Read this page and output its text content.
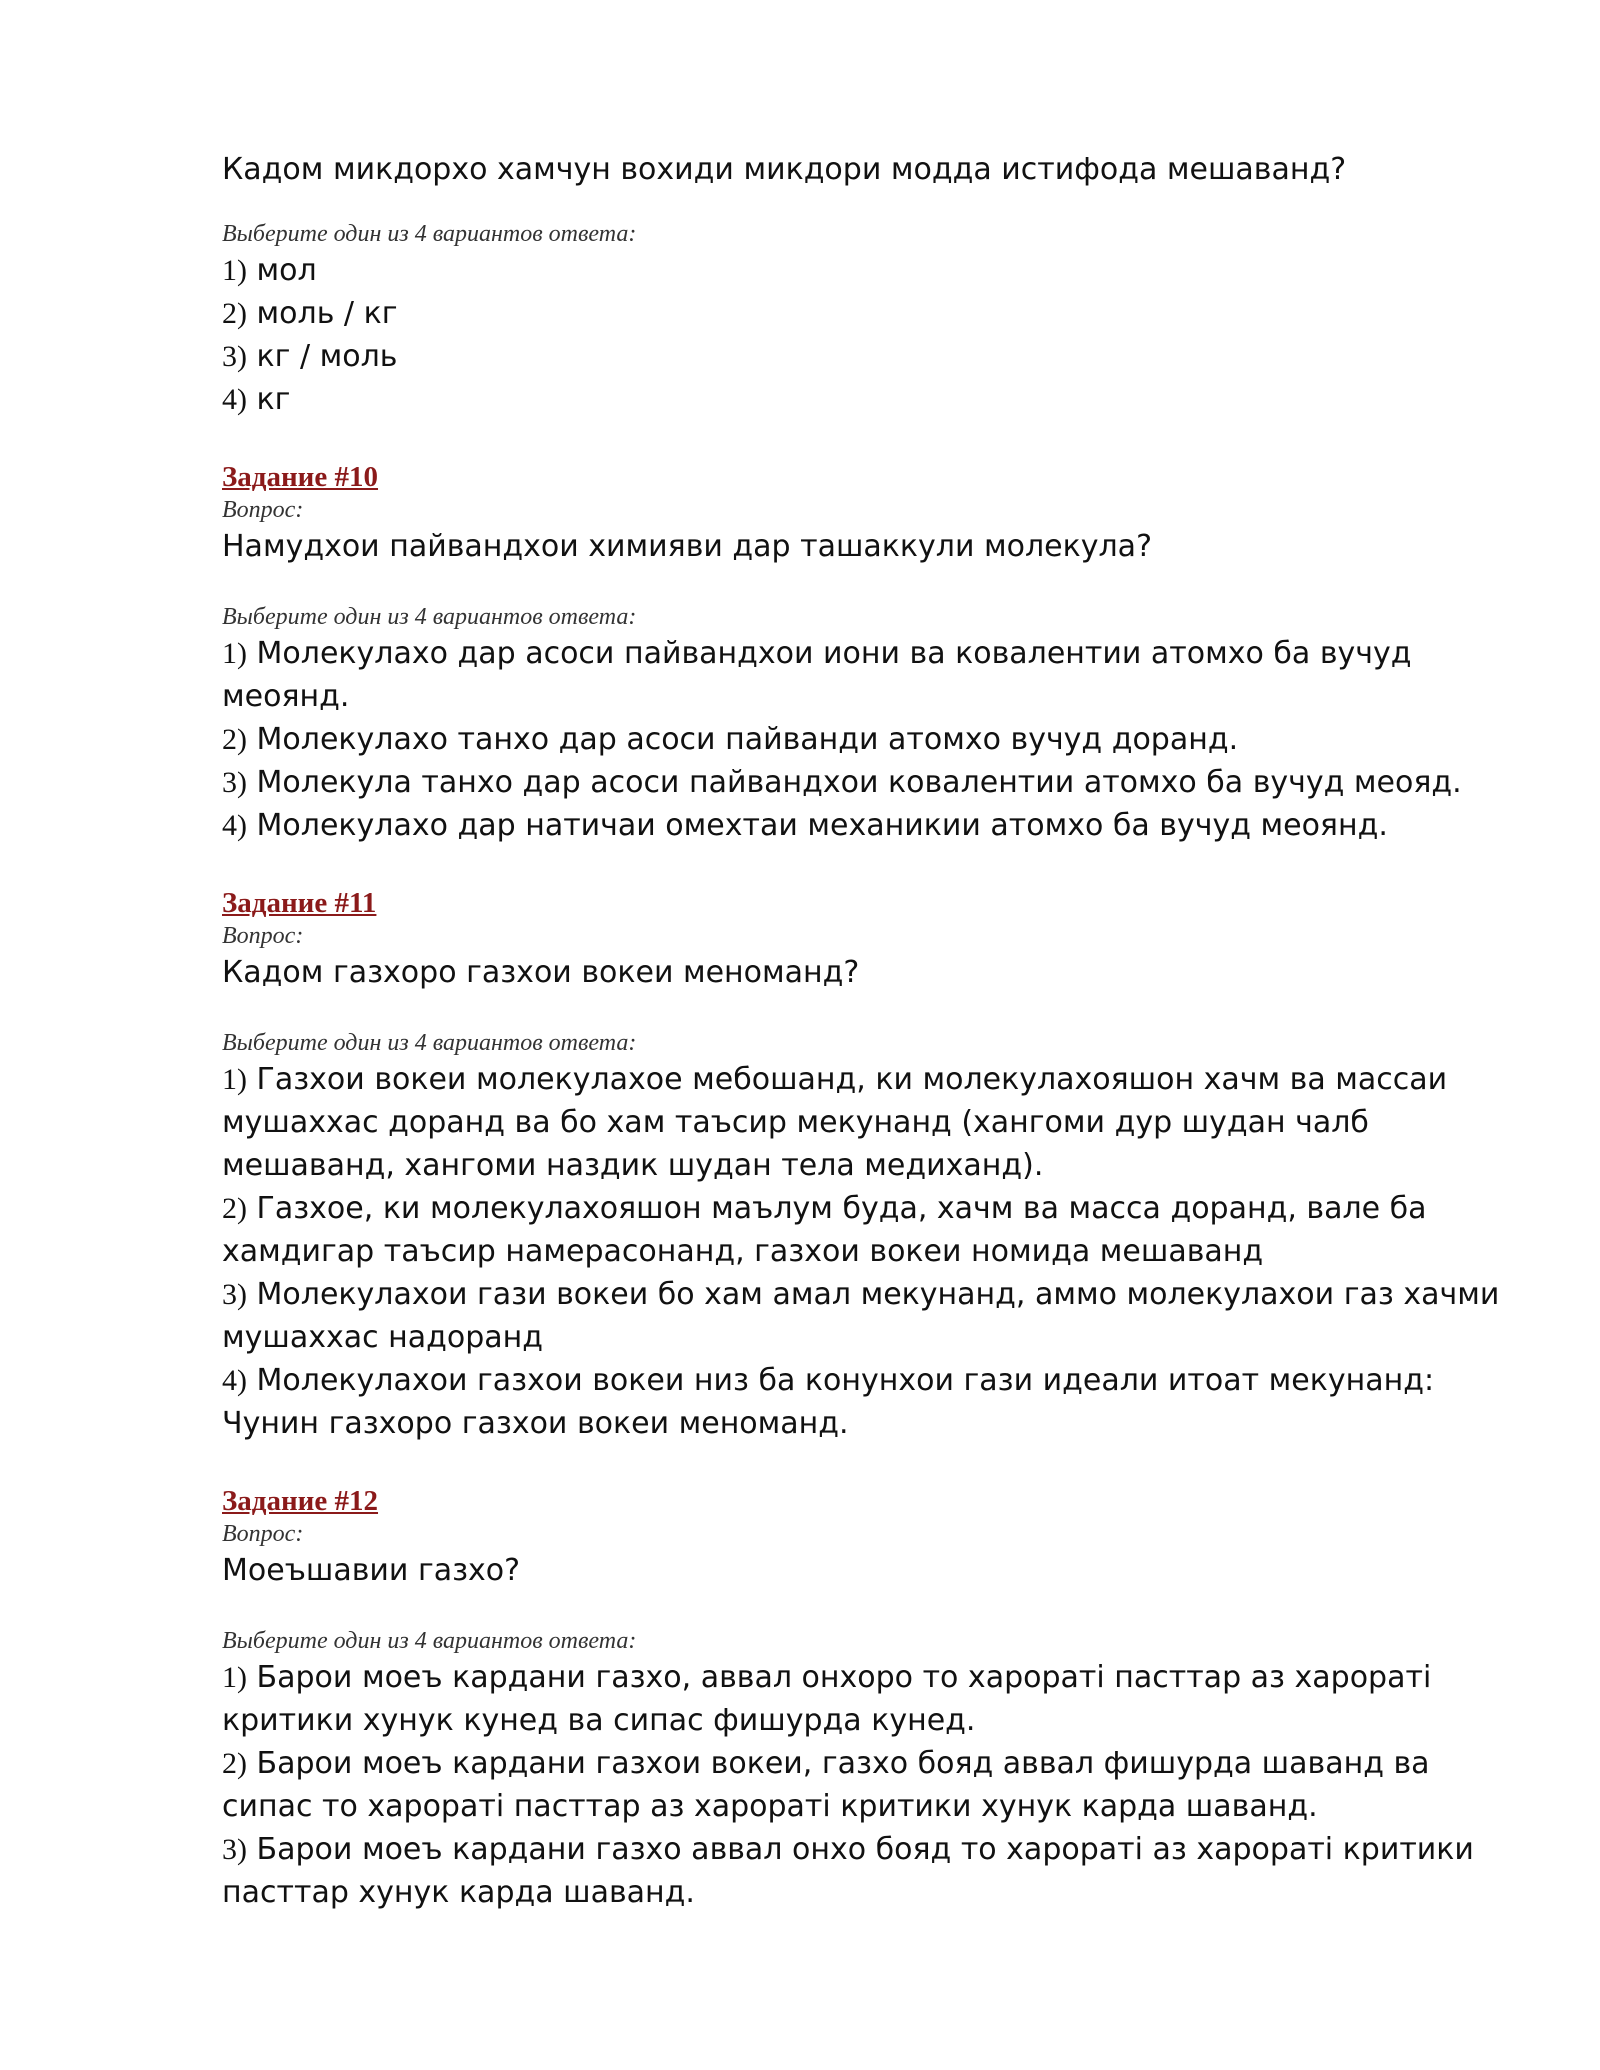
Кадом микдорхо хамчун вохиди микдори модда истифода мешаванд?

Выберите один из 4 вариантов ответа:
1) мол
2) моль / кг
3) кг / моль
4) кг
Задание #10
Вопрос:

Намудхои пайвандхои химияви дар ташаккули молекула?

Выберите один из 4 вариантов ответа:
1) Молекулахо дар асоси пайвандхои иони ва ковалентии атомхо ба вучуд меоянд.
2) Молекулахо танхо дар асоси пайванди атомхо вучуд доранд.
3) Молекула танхо дар асоси пайвандхои ковалентии атомхо ба вучуд меояд.
4) Молекулахо дар натичаи омехтаи механикии атомхо ба вучуд меоянд.
Задание #11
Вопрос:

Кадом газхоро газхои вокеи меноманд?

Выберите один из 4 вариантов ответа:
1) Газхои вокеи молекулахое мебошанд, ки молекулахояшон хачм ва массаи мушаххас доранд ва бо хам таъсир мекунанд (хангоми дур шудан чалб мешаванд, хангоми наздик шудан тела медиханд).
2) Газхое, ки молекулахояшон маълум буда, хачм ва масса доранд, вале ба хамдигар таъсир намерасонанд, газхои вокеи номида мешаванд
3) Молекулахои гази вокеи бо хам амал мекунанд, аммо молекулахои газ хачми мушаххас надоранд
4) Молекулахои газхои вокеи низ ба конунхои гази идеали итоат мекунанд: Чунин газхоро газхои вокеи меноманд.
Задание #12
Вопрос:

Моеъшавии газхо?

Выберите один из 4 вариантов ответа:
1) Барои моеъ кардани газхо, аввал онхоро то хароратi пасттар аз хароратi критики хунук кунед ва сипас фишурда кунед.
2) Барои моеъ кардани газхои вокеи, газхо бояд аввал фишурда шаванд ва сипас то хароратi пасттар аз хароратi критики хунук карда шаванд.
3) Барои моеъ кардани газхо аввал онхо бояд то хароратi аз хароратi критики пасттар хунук карда шаванд.
